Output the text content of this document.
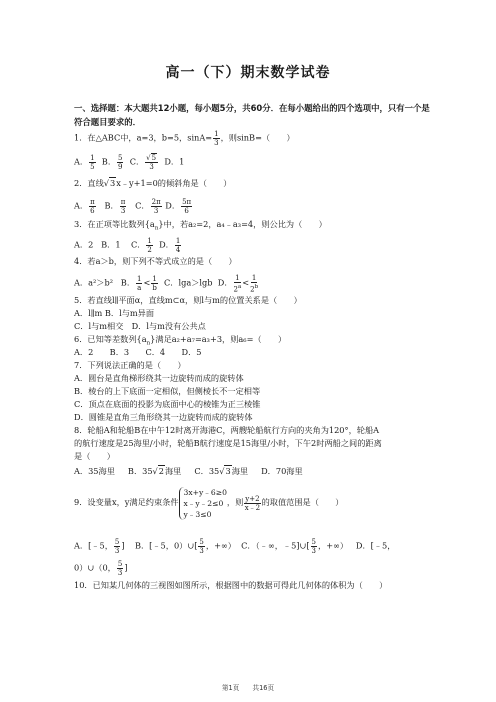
高一（下）期末数学试卷
一、选择题：本大题共12小题，每小题5分，共60分．在每小题给出的四个选项中，只有一个是符合题目要求的．
1．在△ABC中，a=3，b=5，$\sin A= \frac{1}{3}$ ，则sinB=（　　）
A． $\frac{1}{5}$ B． $\frac{5}{9}$ C． $\frac{√5}{3}$ D．1
2．直线√3x﹣y+1=0的倾斜角是（　　）
A． $\frac{\pi}{6}$ B． $\frac{\pi}{3}$ C． $\frac{2\pi}{3}$ D． $\frac{5\pi}{6}$
3．在正项等比数列$\{a_n\}$中，若a₂=2，a₄﹣a₃=4，则公比为（　　）
A．2 B．1 C． $\frac{1}{2}$ D． $\frac{1}{4}$
4．若a＞b，则下列不等式成立的是（　　）
A．a²＞b² B． $\frac{1}{a} < \frac{1}{b}$ C．lga＞lgb D． $\frac{1}{2^a} < \frac{1}{2^b}$
5．若直线l∥平面α，直线m⊂α，则l与m的位置关系是（　　）
A．l∥m B．l与m异面
C．l与m相交　D．l与m没有公共点
6．已知等差数列$\{a_n\}$满足a₂+a₇=a₃+3，则a₆=（　　）
A．2　　B．3　　C．4　　D．5
7．下列说法正确的是（　　）
A．圆台是直角梯形绕其一边旋转而成的旋转体
B．棱台的上下底面一定相似，但侧棱长不一定相等
C．顶点在底面的投影为底面中心的棱锥为正三棱锥
D．圆锥是直角三角形绕其一边旋转而成的旋转体
8．轮船A和轮船B在中午12时离开海港C，两艘轮船航行方向的夹角为120°，轮船A
的航行速度是25海里/小时，轮船B航行速度是15海里/小时，下午2时两船之间的距离
是（　　）
A．35海里 B．35√2海里 C．35√3海里 D．70海里
9．设变量x，y满足约束条件3x+y﹣6≥0
x﹣y﹣2≤0
y﹣3≤0，则 $\frac{y+2}{x﹣2}$ 的取值范围是（　　）
A．[﹣5， $\frac{5}{3}$ ]    B．[﹣5，0）∪[ $\frac{5}{3}$ ，+∞）  C．（﹣∞，﹣5]∪[ $\frac{5}{3}$ ，+∞）   D．[﹣5，
0）∪（0， $\frac{5}{3}$ ]
10．已知某几何体的三视图如图所示，根据图中的数据可得此几何体的体积为（　　）
第1页　　共16页
